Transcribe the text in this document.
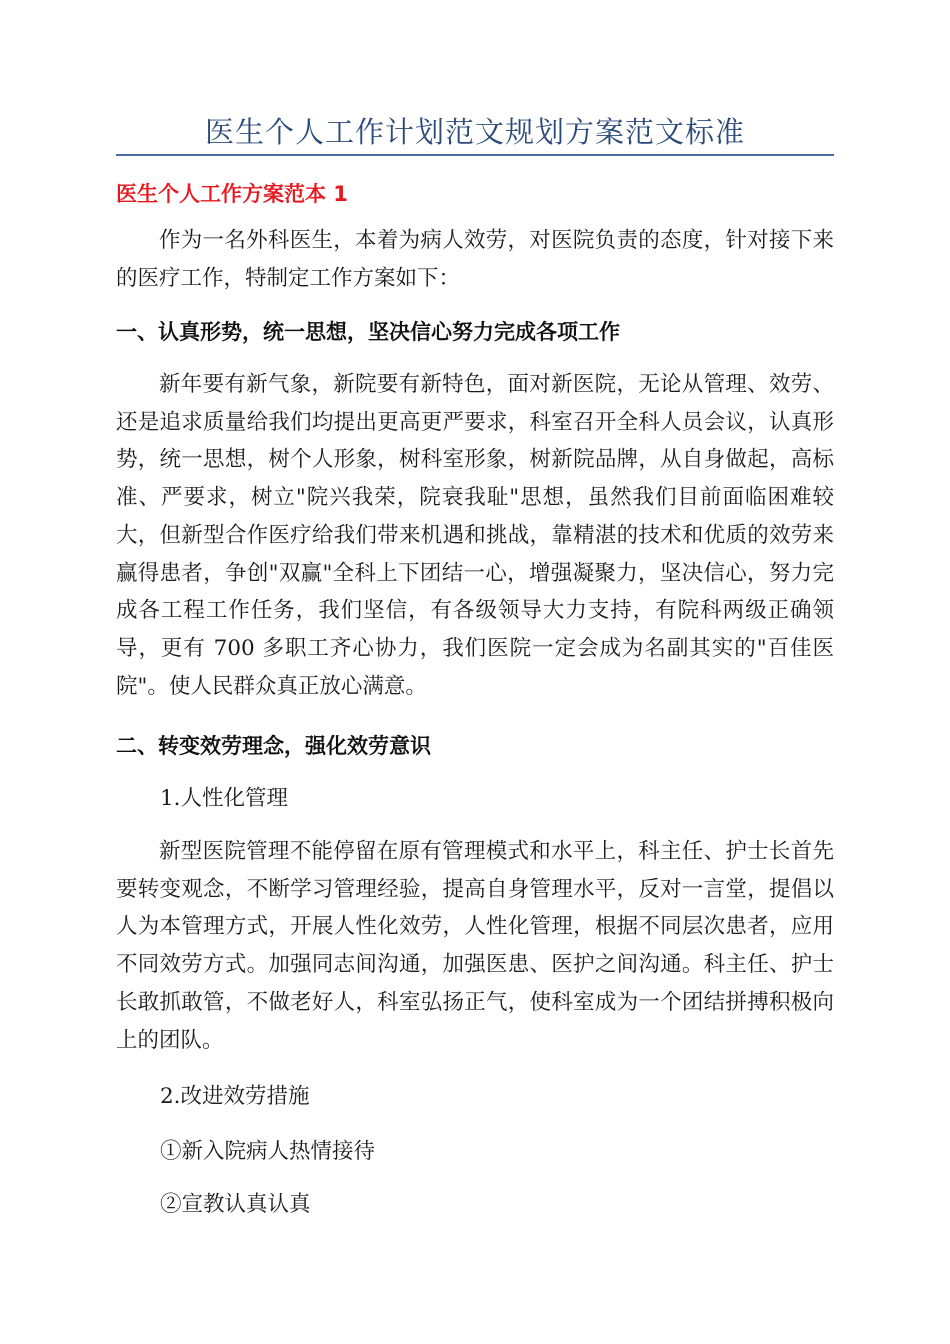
医生个人工作计划范文规划方案范文标准
医生个人工作方案范本 1
作为一名外科医生，本着为病人效劳，对医院负责的态度，针对接下来的医疗工作，特制定工作方案如下：
一、认真形势，统一思想，坚决信心努力完成各项工作
新年要有新气象，新院要有新特色，面对新医院，无论从管理、效劳、还是追求质量给我们均提出更高更严要求，科室召开全科人员会议，认真形势，统一思想，树个人形象，树科室形象，树新院品牌，从自身做起，高标准、严要求，树立"院兴我荣，院衰我耻"思想，虽然我们目前面临困难较大，但新型合作医疗给我们带来机遇和挑战，靠精湛的技术和优质的效劳来赢得患者，争创"双赢"全科上下团结一心，增强凝聚力，坚决信心，努力完成各工程工作任务，我们坚信，有各级领导大力支持，有院科两级正确领导，更有 700 多职工齐心协力，我们医院一定会成为名副其实的"百佳医院"。使人民群众真正放心满意。
二、转变效劳理念，强化效劳意识
1.人性化管理
新型医院管理不能停留在原有管理模式和水平上，科主任、护士长首先要转变观念，不断学习管理经验，提高自身管理水平，反对一言堂，提倡以人为本管理方式，开展人性化效劳，人性化管理，根据不同层次患者，应用不同效劳方式。加强同志间沟通，加强医患、医护之间沟通。科主任、护士长敢抓敢管，不做老好人，科室弘扬正气，使科室成为一个团结拼搏积极向上的团队。
2.改进效劳措施
①新入院病人热情接待
②宣教认真认真
